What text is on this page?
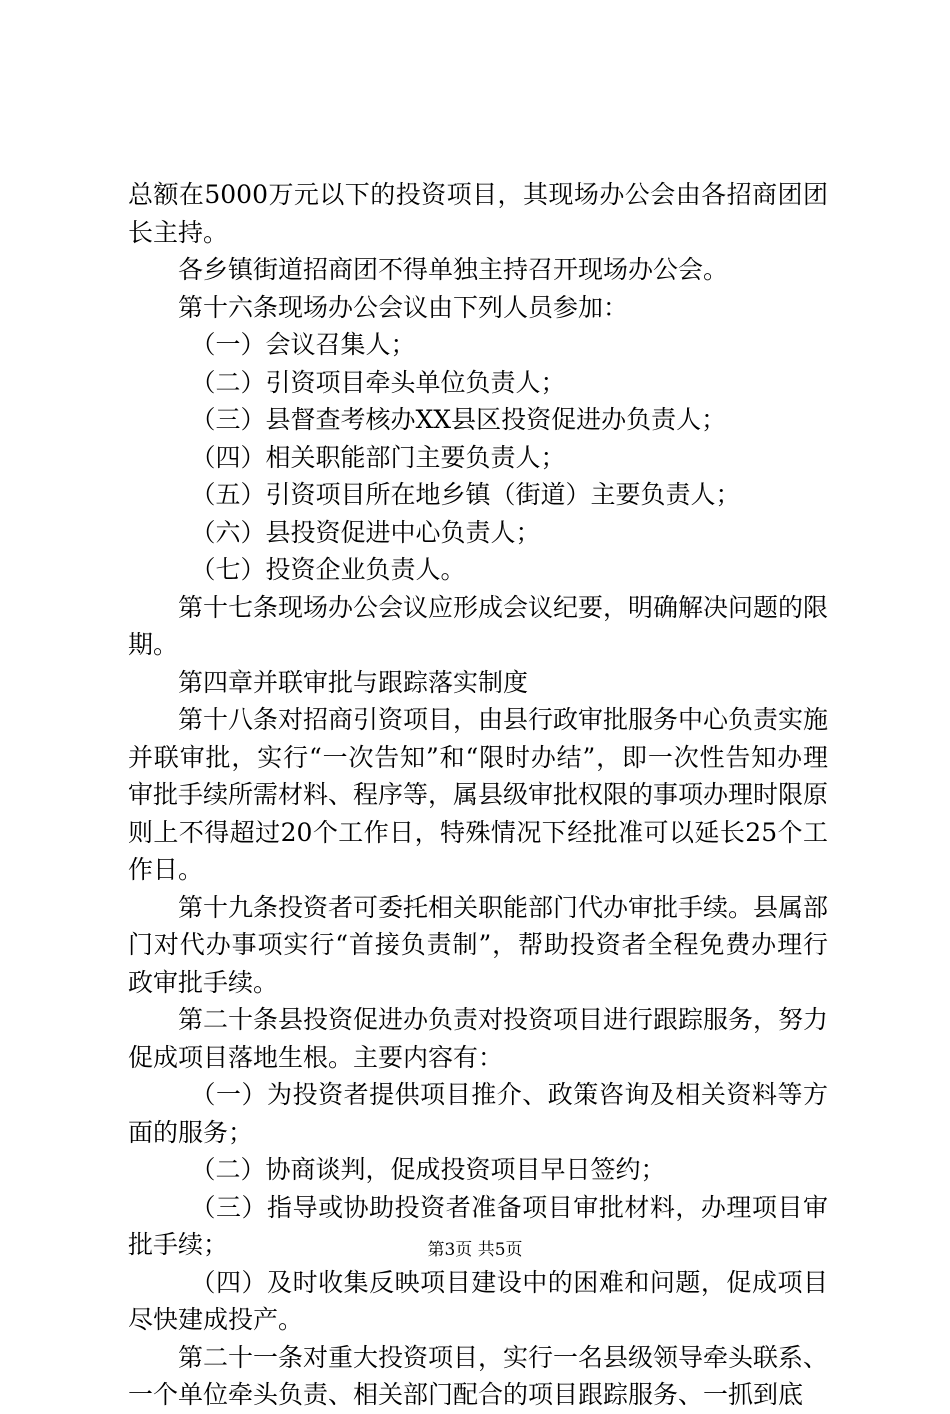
总额在5000万元以下的投资项目，其现场办公会由各招商团团长主持。

各乡镇街道招商团不得单独主持召开现场办公会。

第十六条现场办公会议由下列人员参加：

（一）会议召集人；

（二）引资项目牵头单位负责人；

（三）县督查考核办XX县区投资促进办负责人；

（四）相关职能部门主要负责人；

（五）引资项目所在地乡镇（街道）主要负责人；

（六）县投资促进中心负责人；

（七）投资企业负责人。

第十七条现场办公会议应形成会议纪要，明确解决问题的限期。

第四章并联审批与跟踪落实制度

第十八条对招商引资项目，由县行政审批服务中心负责实施并联审批，实行“一次告知”和“限时办结”，即一次性告知办理审批手续所需材料、程序等，属县级审批权限的事项办理时限原则上不得超过20个工作日，特殊情况下经批准可以延长25个工作日。

第十九条投资者可委托相关职能部门代办审批手续。县属部门对代办事项实行“首接负责制”，帮助投资者全程免费办理行政审批手续。

第二十条县投资促进办负责对投资项目进行跟踪服务，努力促成项目落地生根。主要内容有：

（一）为投资者提供项目推介、政策咨询及相关资料等方面的服务；

（二）协商谈判，促成投资项目早日签约；

（三）指导或协助投资者准备项目审批材料，办理项目审批手续；

（四）及时收集反映项目建设中的困难和问题，促成项目尽快建成投产。

第二十一条对重大投资项目，实行一名县级领导牵头联系、一个单位牵头负责、相关部门配合的项目跟踪服务、一抓到底

第3页 共5页
